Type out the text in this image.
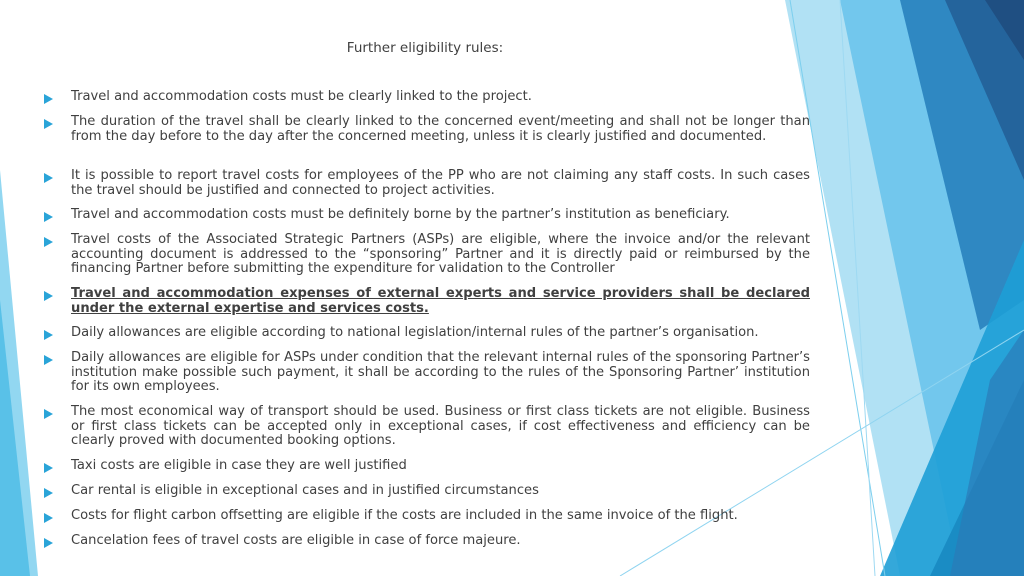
Further eligibility rules:
Travel and accommodation costs must be clearly linked to the project.
The duration of the travel shall be clearly linked to the concerned event/meeting and shall not be longer than from the day before to the day after the concerned meeting, unless it is clearly justified and documented.
It is possible to report travel costs for employees of the PP who are not claiming any staff costs. In such cases the travel should be justified and connected to project activities.
Travel and accommodation costs must be definitely borne by the partner’s institution as beneficiary.
Travel costs of the Associated Strategic Partners (ASPs) are eligible, where the invoice and/or the relevant accounting document is addressed to the “sponsoring” Partner and it is directly paid or reimbursed by the financing Partner before submitting the expenditure for validation to the Controller
Travel and accommodation expenses of external experts and service providers shall be declared under the external expertise and services costs.
Daily allowances are eligible according to national legislation/internal rules of the partner’s organisation.
Daily allowances are eligible for ASPs under condition that the relevant internal rules of the sponsoring Partner’s institution make possible such payment, it shall be according to the rules of the Sponsoring Partner’ institution for its own employees.
The most economical way of transport should be used. Business or first class tickets are not eligible. Business or first class tickets can be accepted only in exceptional cases, if cost effectiveness and efficiency can be clearly proved with documented booking options.
Taxi costs are eligible in case they are well justified
Car rental is eligible in exceptional cases and in justified circumstances
Costs for flight carbon offsetting are eligible if the costs are included in the same invoice of the flight.
Cancelation fees of travel costs are eligible in case of force majeure.
